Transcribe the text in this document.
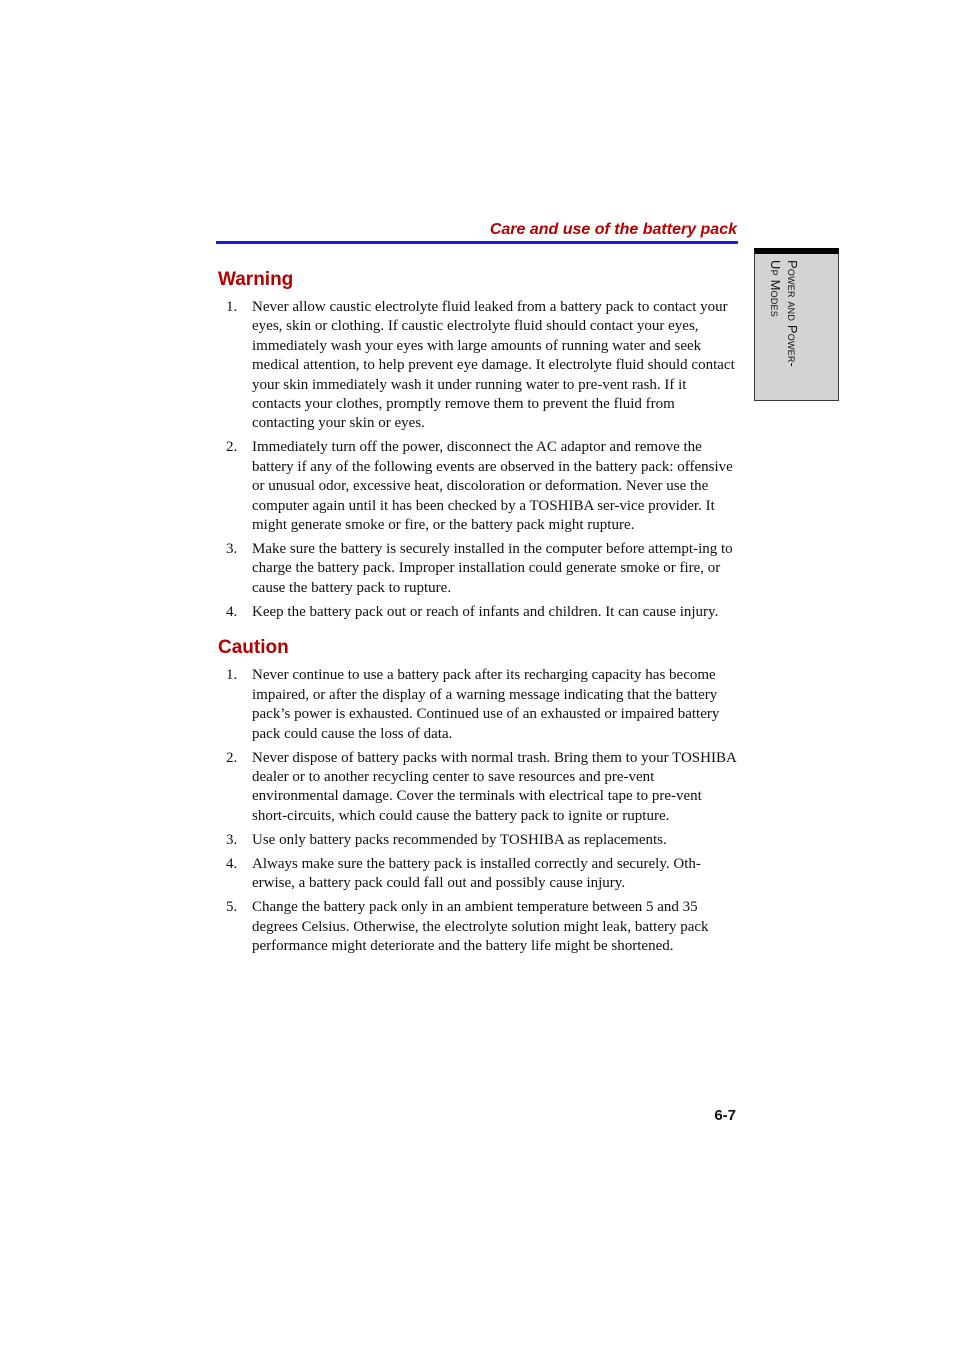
Care and use of the battery pack
Power and Power-
Up Modes
Warning
1. Never allow caustic electrolyte fluid leaked from a battery pack to contact your eyes, skin or clothing. If caustic electrolyte fluid should contact your eyes, immediately wash your eyes with large amounts of running water and seek medical attention, to help prevent eye damage. It electrolyte fluid should contact your skin immediately wash it under running water to pre-vent rash. If it contacts your clothes, promptly remove them to prevent the fluid from contacting your skin or eyes.
2. Immediately turn off the power, disconnect the AC adaptor and remove the battery if any of the following events are observed in the battery pack: offensive or unusual odor, excessive heat, discoloration or deformation. Never use the computer again until it has been checked by a TOSHIBA ser-vice provider. It might generate smoke or fire, or the battery pack might rupture.
3. Make sure the battery is securely installed in the computer before attempt-ing to charge the battery pack. Improper installation could generate smoke or fire, or cause the battery pack to rupture.
4. Keep the battery pack out or reach of infants and children. It can cause injury.
Caution
1. Never continue to use a battery pack after its recharging capacity has become impaired, or after the display of a warning message indicating that the battery pack’s power is exhausted. Continued use of an exhausted or impaired battery pack could cause the loss of data.
2. Never dispose of battery packs with normal trash. Bring them to your TOSHIBA dealer or to another recycling center to save resources and pre-vent environmental damage. Cover the terminals with electrical tape to pre-vent short-circuits, which could cause the battery pack to ignite or rupture.
3. Use only battery packs recommended by TOSHIBA as replacements.
4. Always make sure the battery pack is installed correctly and securely. Oth-erwise, a battery pack could fall out and possibly cause injury.
5. Change the battery pack only in an ambient temperature between 5 and 35 degrees Celsius. Otherwise, the electrolyte solution might leak, battery pack performance might deteriorate and the battery life might be shortened.
6-7
